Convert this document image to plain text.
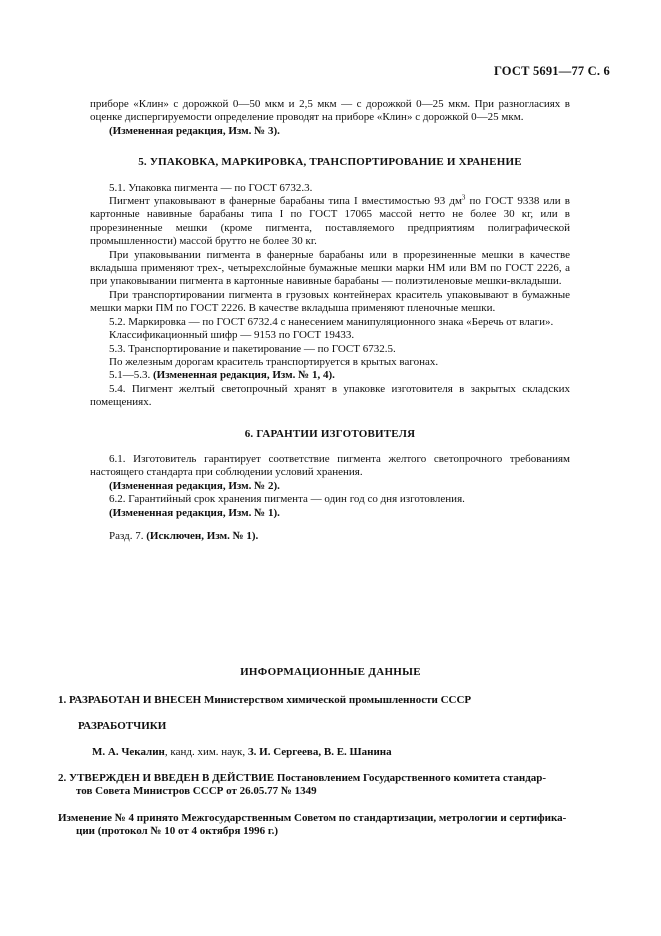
ГОСТ 5691—77 С. 6

приборе «Клин» с дорожкой 0—50 мкм и 2,5 мкм — с дорожкой 0—25 мкм. При разногласиях в оценке диспергируемости определение проводят на приборе «Клин» с дорожкой 0—25 мкм.

(Измененная редакция, Изм. № 3).

5. УПАКОВКА, МАРКИРОВКА, ТРАНСПОРТИРОВАНИЕ И ХРАНЕНИЕ

5.1. Упаковка пигмента — по ГОСТ 6732.3.

Пигмент упаковывают в фанерные барабаны типа I вместимостью 93 $дм^3$ по ГОСТ 9338 или в картонные навивные барабаны типа I по ГОСТ 17065 массой нетто не более 30 кг, или в прорезиненные мешки (кроме пигмента, поставляемого предприятиям полиграфической промышленности) массой брутто не более 30 кг.

При упаковывании пигмента в фанерные барабаны или в прорезиненные мешки в качестве вкладыша применяют трех-, четырехслойные бумажные мешки марки НМ или ВМ по ГОСТ 2226, а при упаковывании пигмента в картонные навивные барабаны — полиэтиленовые мешки-вкладыши.

При транспортировании пигмента в грузовых контейнерах краситель упаковывают в бумажные мешки марки ПМ по ГОСТ 2226. В качестве вкладыша применяют пленочные мешки.

5.2. Маркировка — по ГОСТ 6732.4 с нанесением манипуляционного знака «Беречь от влаги».

Классификационный шифр — 9153 по ГОСТ 19433.

5.3. Транспортирование и пакетирование — по ГОСТ 6732.5.

По железным дорогам краситель транспортируется в крытых вагонах.

5.1—5.3. (Измененная редакция, Изм. № 1, 4).

5.4. Пигмент желтый светопрочный хранят в упаковке изготовителя в закрытых складских помещениях.

6. ГАРАНТИИ ИЗГОТОВИТЕЛЯ

6.1. Изготовитель гарантирует соответствие пигмента желтого светопрочного требованиям настоящего стандарта при соблюдении условий хранения.

(Измененная редакция, Изм. № 2).

6.2. Гарантийный срок хранения пигмента — один год со дня изготовления.

(Измененная редакция, Изм. № 1).

Разд. 7. (Исключен, Изм. № 1).

ИНФОРМАЦИОННЫЕ ДАННЫЕ
1. РАЗРАБОТАН И ВНЕСЕН Министерством химической промышленности СССР
РАЗРАБОТЧИКИ
М. А. Чекалин, канд. хим. наук, З. И. Сергеева, В. Е. Шанина
2. УТВЕРЖДЕН И ВВЕДЕН В ДЕЙСТВИЕ Постановлением Государственного комитета стандар-
тов Совета Министров СССР от 26.05.77 № 1349
Изменение № 4 принято Межгосударственным Советом по стандартизации, метрологии и сертифика-
ции (протокол № 10 от 4 октября 1996 г.)
